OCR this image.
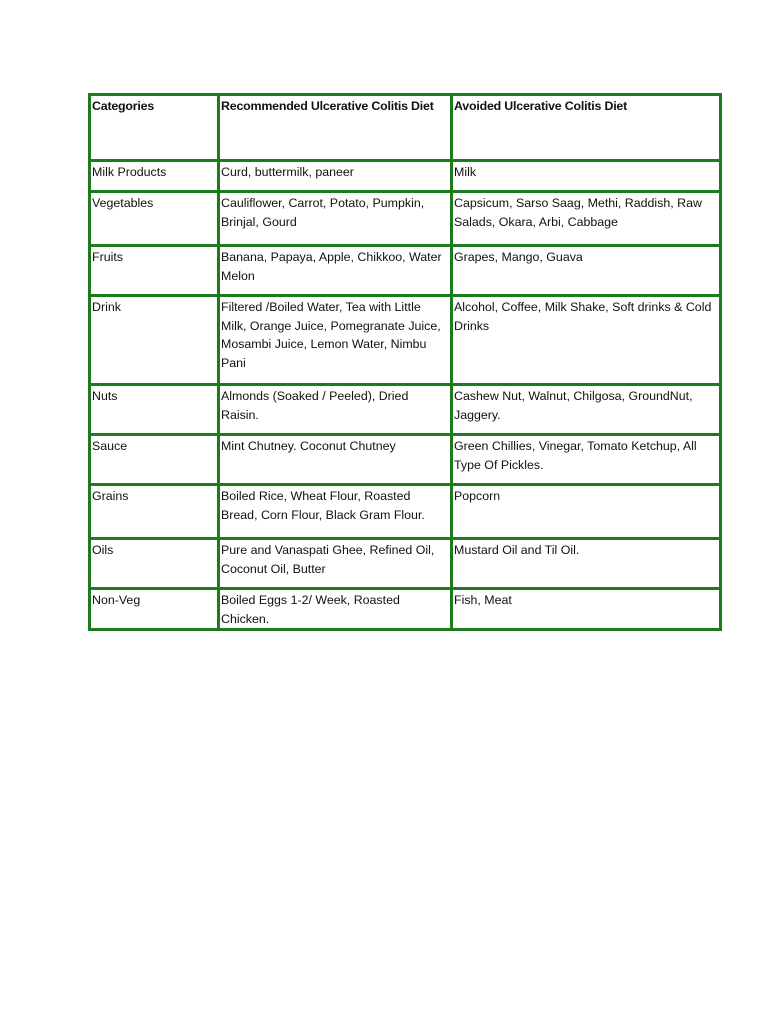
Categories	Recommended Ulcerative Colitis Diet	Avoided Ulcerative Colitis Diet
Milk Products	Curd, buttermilk, paneer	Milk
Vegetables	Cauliflower, Carrot, Potato, Pumpkin, Brinjal, Gourd	Capsicum, Sarso Saag, Methi, Raddish, Raw Salads, Okara, Arbi, Cabbage
Fruits	Banana, Papaya, Apple, Chikkoo, Water Melon	Grapes, Mango, Guava
Drink	Filtered /Boiled Water, Tea with Little Milk, Orange Juice, Pomegranate Juice, Mosambi Juice, Lemon Water, Nimbu Pani	Alcohol, Coffee, Milk Shake, Soft drinks & Cold Drinks
Nuts	Almonds (Soaked / Peeled), Dried Raisin.	Cashew Nut, Walnut, Chilgosa, GroundNut, Jaggery.
Sauce	Mint Chutney. Coconut Chutney	Green Chillies, Vinegar, Tomato Ketchup, All Type Of Pickles.
Grains	Boiled Rice, Wheat Flour, Roasted Bread, Corn Flour, Black Gram Flour.	Popcorn
Oils	Pure and Vanaspati Ghee, Refined Oil, Coconut Oil, Butter	Mustard Oil and Til Oil.
Non-Veg	Boiled Eggs 1-2/ Week, Roasted Chicken.	Fish, Meat
